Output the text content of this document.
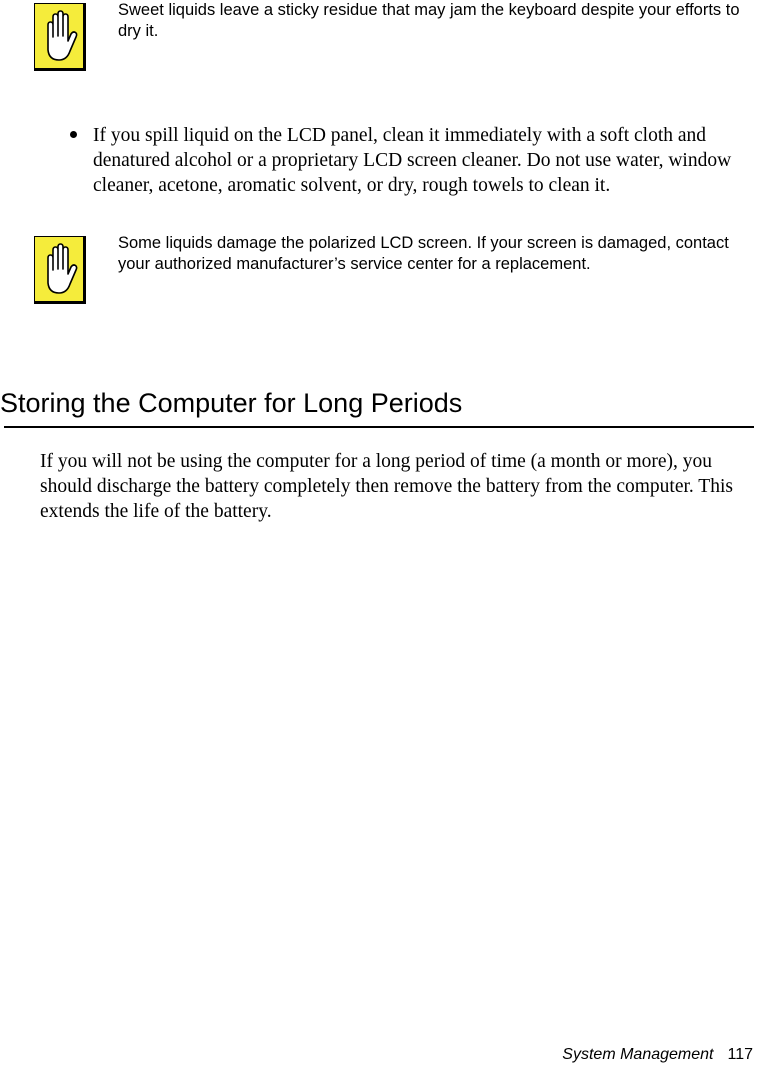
Sweet liquids leave a sticky residue that may jam the keyboard despite your efforts to dry it.

If you spill liquid on the LCD panel, clean it immediately with a soft cloth and denatured alcohol or a proprietary LCD screen cleaner. Do not use water, window cleaner, acetone, aromatic solvent, or dry, rough towels to clean it.

Some liquids damage the polarized LCD screen. If your screen is damaged, contact your authorized manufacturer’s service center for a replacement.

Storing the Computer for Long Periods

If you will not be using the computer for a long period of time (a month or more), you should discharge the battery completely then remove the battery from the computer. This extends the life of the battery.

System Management 117
